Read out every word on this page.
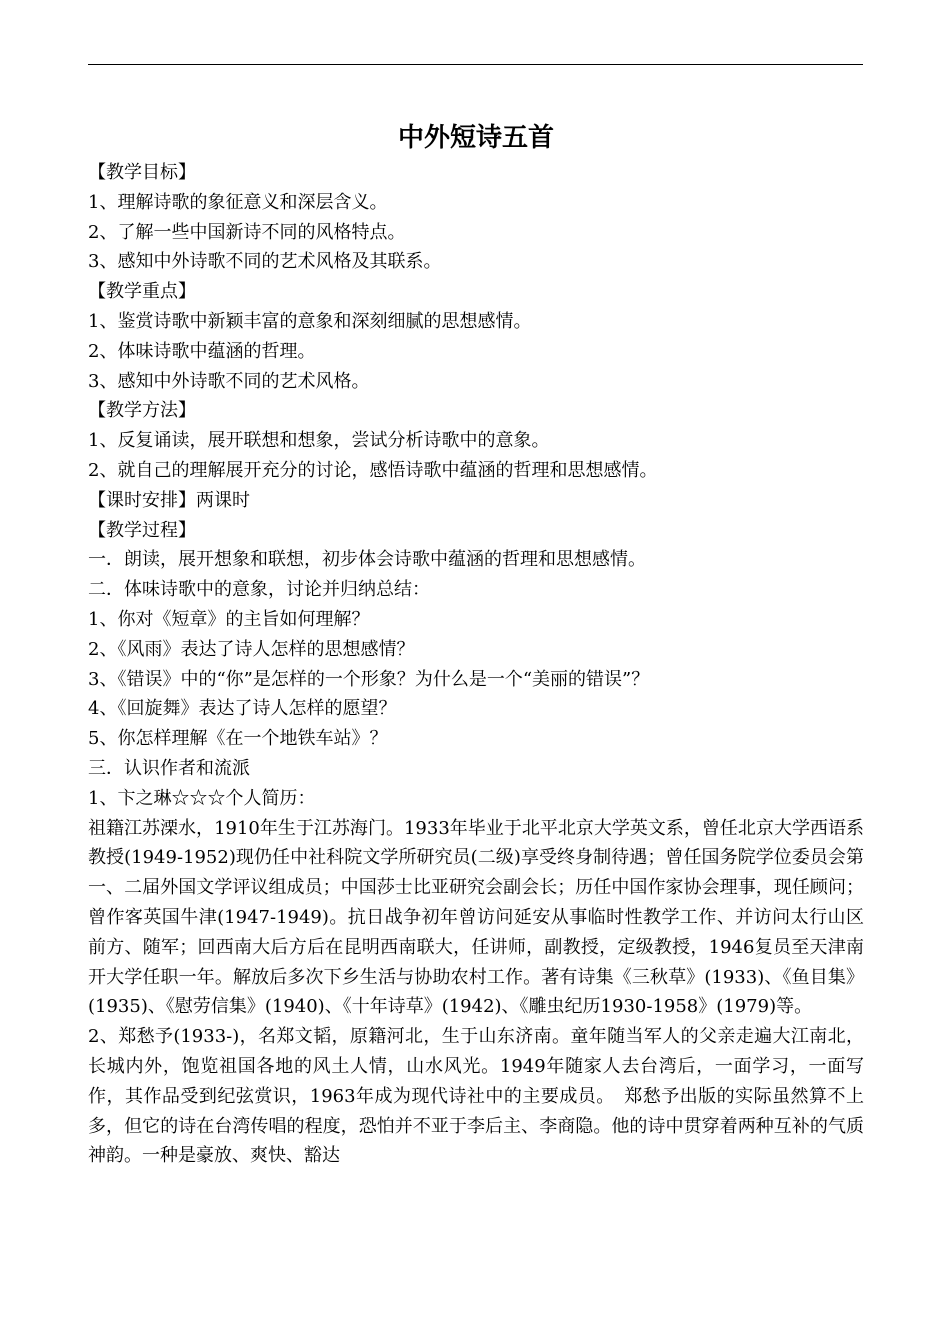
中外短诗五首
【教学目标】
1、理解诗歌的象征意义和深层含义。
2、了解一些中国新诗不同的风格特点。
3、感知中外诗歌不同的艺术风格及其联系。
【教学重点】
1、鉴赏诗歌中新颖丰富的意象和深刻细腻的思想感情。
2、体味诗歌中蕴涵的哲理。
3、感知中外诗歌不同的艺术风格。
【教学方法】
1、反复诵读，展开联想和想象，尝试分析诗歌中的意象。
2、就自己的理解展开充分的讨论，感悟诗歌中蕴涵的哲理和思想感情。
【课时安排】两课时
【教学过程】
一．朗读，展开想象和联想，初步体会诗歌中蕴涵的哲理和思想感情。
二．体味诗歌中的意象，讨论并归纳总结：
1、你对《短章》的主旨如何理解？
2、《风雨》表达了诗人怎样的思想感情？
3、《错误》中的“你”是怎样的一个形象？为什么是一个“美丽的错误”？
4、《回旋舞》表达了诗人怎样的愿望？
5、你怎样理解《在一个地铁车站》？
三．认识作者和流派
1、卞之琳☆☆☆个人简历：
祖籍江苏溧水，1910年生于江苏海门。1933年毕业于北平北京大学英文系，曾任北京大学西语系教授(1949-1952)现仍任中社科院文学所研究员(二级)享受终身制待遇；曾任国务院学位委员会第一、二届外国文学评议组成员；中国莎士比亚研究会副会长；历任中国作家协会理事，现任顾问；曾作客英国牛津(1947-1949)。抗日战争初年曾访问延安从事临时性教学工作、并访问太行山区前方、随军；回西南大后方后在昆明西南联大，任讲师，副教授，定级教授，1946复员至天津南开大学任职一年。解放后多次下乡生活与协助农村工作。著有诗集《三秋草》(1933)、《鱼目集》(1935)、《慰劳信集》(1940)、《十年诗草》(1942)、《雕虫纪历1930-1958》(1979)等。
2、郑愁予(1933-)，名郑文韬，原籍河北，生于山东济南。童年随当军人的父亲走遍大江南北，长城内外，饱览祖国各地的风土人情，山水风光。1949年随家人去台湾后，一面学习，一面写作，其作品受到纪弦赏识，1963年成为现代诗社中的主要成员。　郑愁予出版的实际虽然算不上多，但它的诗在台湾传唱的程度，恐怕并不亚于李后主、李商隐。他的诗中贯穿着两种互补的气质神韵。一种是豪放、爽快、豁达
